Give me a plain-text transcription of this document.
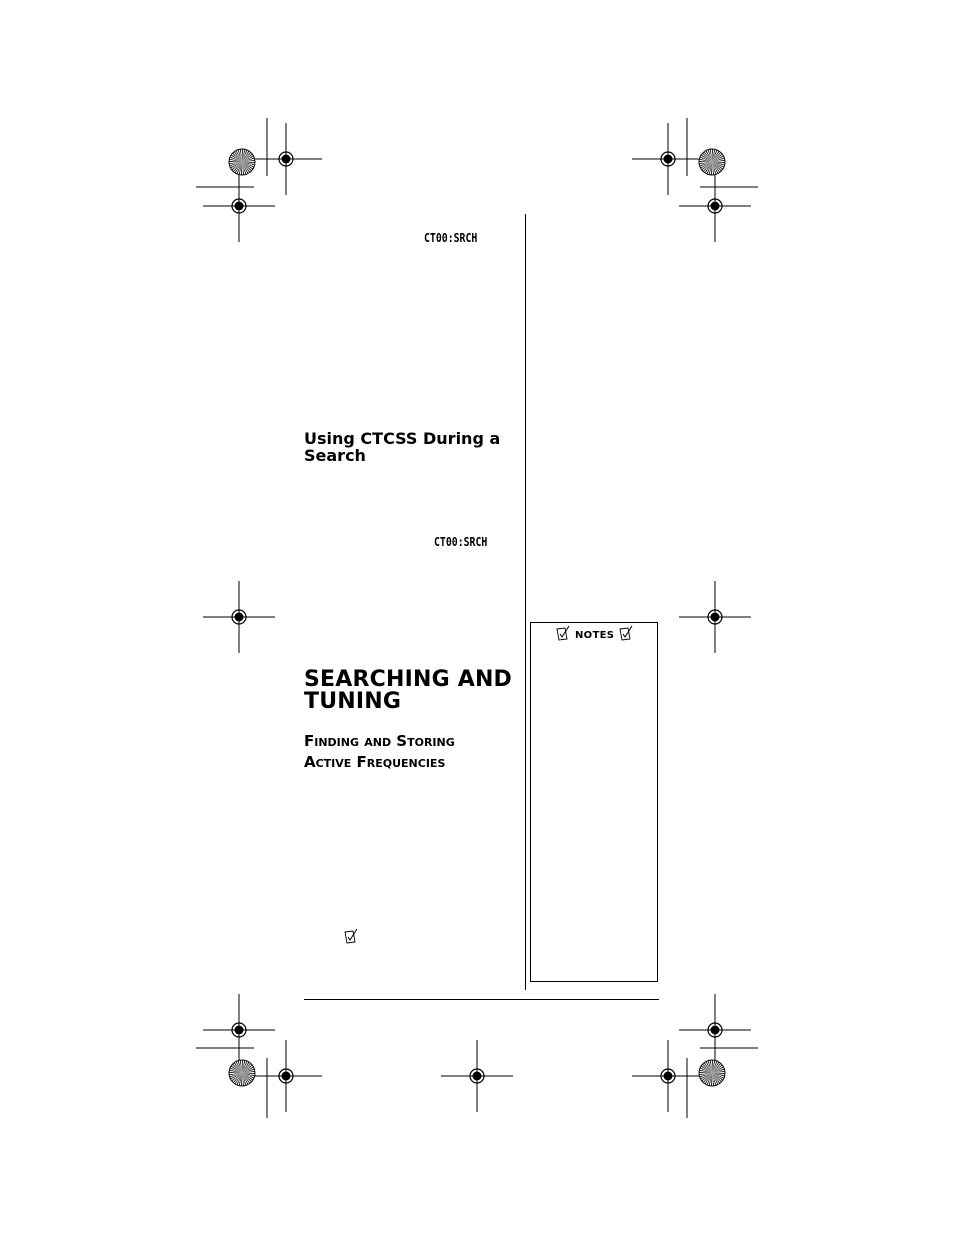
CT00:SRCH
CT00:SRCH
Using CTCSS During a
Search
SEARCHING AND
TUNING
Finding and Storing
Active Frequencies
NOTES
